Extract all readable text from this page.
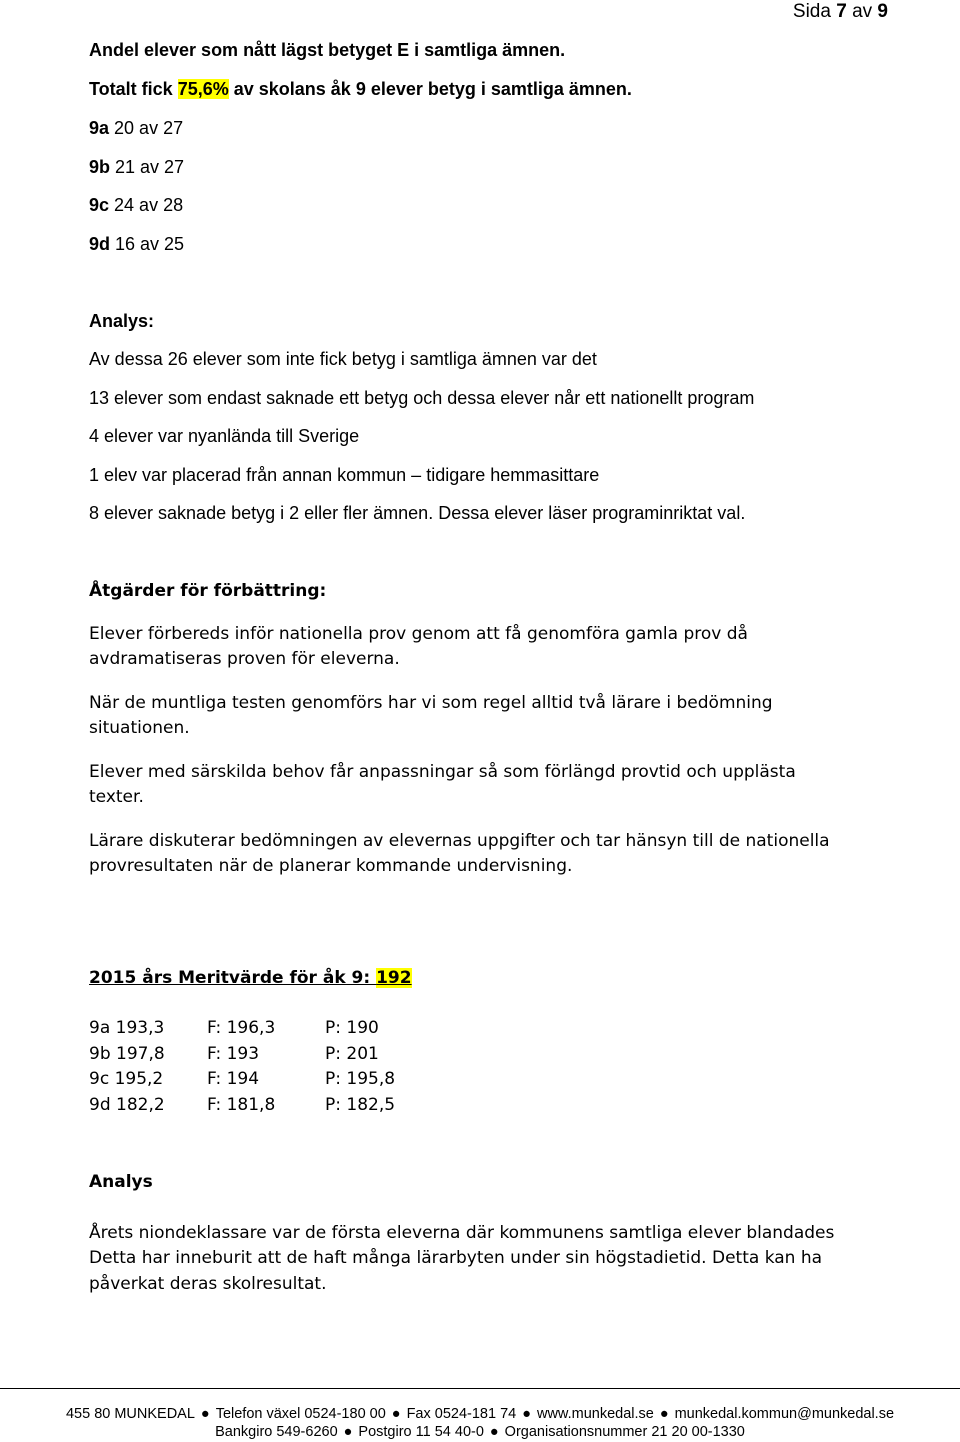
Sida 7 av 9
Andel elever som nått lägst betyget E i samtliga ämnen.
Totalt fick 75,6% av skolans åk 9 elever betyg i samtliga ämnen.
9a 20 av 27
9b 21 av 27
9c 24 av 28
9d 16 av 25
Analys:
Av dessa 26 elever som inte fick betyg i samtliga ämnen var det
13 elever som endast saknade ett betyg och dessa elever når ett nationellt program
4 elever var nyanlända till Sverige
1 elev var placerad från annan kommun – tidigare hemmasittare
8 elever saknade betyg i 2 eller fler ämnen. Dessa elever läser programinriktat val.
Åtgärder för förbättring:
Elever förbereds inför nationella prov genom att få genomföra gamla prov då
avdramatiseras proven för eleverna.
När de muntliga testen genomförs har vi som regel alltid två lärare i bedömning
situationen.
Elever med särskilda behov får anpassningar så som förlängd provtid och upplästa
texter.
Lärare diskuterar bedömningen av elevernas uppgifter och tar hänsyn till de nationella
provresultaten när de planerar kommande undervisning.
2015 års Meritvärde för åk 9: 192
9a 193,3	F: 196,3	P: 190
9b 197,8	F: 193	P: 201
9c 195,2	F: 194	P: 195,8
9d 182,2	F: 181,8	P: 182,5
Analys
Årets niondeklassare var de första eleverna där kommunens samtliga elever blandades
Detta har inneburit att de haft många lärarbyten under sin högstadietid. Detta kan ha
påverkat deras skolresultat.
455 80 MUNKEDAL ● Telefon växel 0524-180 00 ● Fax 0524-181 74 ● www.munkedal.se ● munkedal.kommun@munkedal.se
Bankgiro 549-6260 ● Postgiro 11 54 40-0 ● Organisationsnummer 21 20 00-1330
